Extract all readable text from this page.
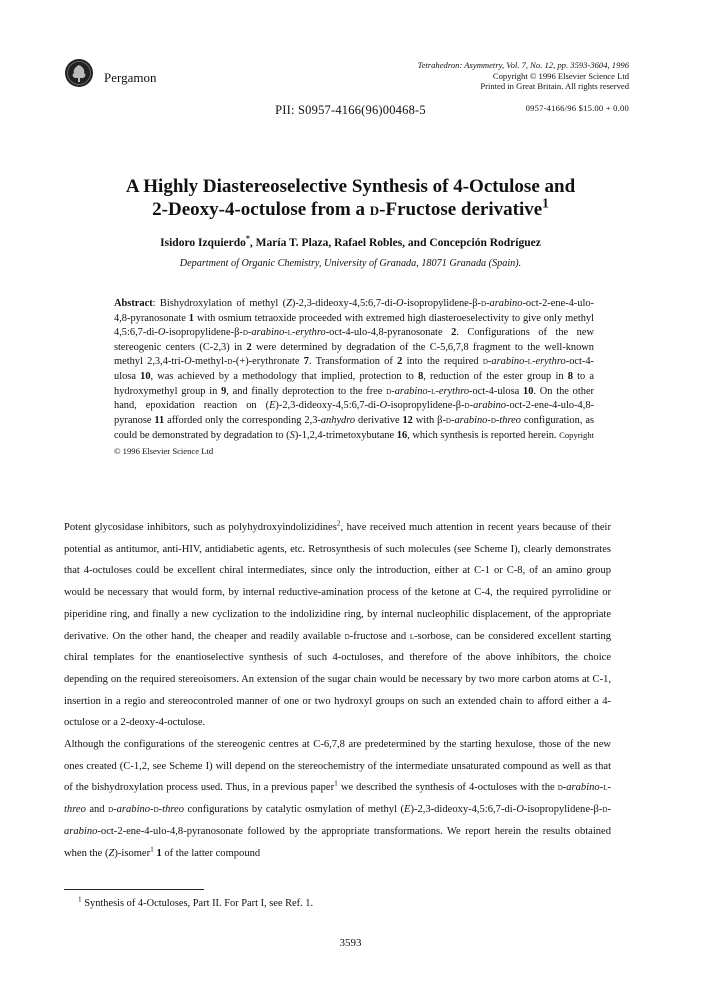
Pergamon
Tetrahedron: Asymmetry, Vol. 7, No. 12, pp. 3593-3604, 1996
Copyright © 1996 Elsevier Science Ltd
Printed in Great Britain. All rights reserved
PII: S0957-4166(96)00468-5	0957-4166/96 $15.00 + 0.00
A Highly Diastereoselective Synthesis of 4-Octulose and
2-Deoxy-4-octulose from a d-Fructose derivative$^1$
Isidoro Izquierdo*, María T. Plaza, Rafael Robles, and Concepción Rodríguez
Department of Organic Chemistry, University of Granada, 18071 Granada (Spain).
Abstract: Bishydroxylation of methyl (Z)-2,3-dideoxy-4,5:6,7-di-O-isopropylidene-β-d-arabino-oct-2-ene-4-ulo-4,8-pyranosonate 1 with osmium tetraoxide proceeded with extremed high diasteroeselectivity to give only methyl 4,5:6,7-di-O-isopropylidene-β-d-arabino-l-erythro-oct-4-ulo-4,8-pyranosonate 2. Configurations of the new stereogenic centers (C-2,3) in 2 were determined by degradation of the C-5,6,7,8 fragment to the well-known methyl 2,3,4-tri-O-methyl-d-(+)-erythronate 7. Transformation of 2 into the required d-arabino-l-erythro-oct-4-ulosa 10, was achieved by a methodology that implied, protection to 8, reduction of the ester group in 8 to a hydroxymethyl group in 9, and finally deprotection to the free d-arabino-l-erythro-oct-4-ulosa 10. On the other hand, epoxidation reaction on (E)-2,3-dideoxy-4,5:6,7-di-O-isopropylidene-β-d-arabino-oct-2-ene-4-ulo-4,8-pyranose 11 afforded only the corresponding 2,3-anhydro derivative 12 with β-d-arabino-d-threo configuration, as could be demonstrated by degradation to (S)-1,2,4-trimetoxybutane 16, which synthesis is reported herein. Copyright © 1996 Elsevier Science Ltd

Potent glycosidase inhibitors, such as polyhydroxyindolizidines$^2$, have received much attention in recent years because of their potential as antitumor, anti-HIV, antidiabetic agents, etc. Retrosynthesis of such molecules (see Scheme I), clearly demonstrates that 4-octuloses could be excellent chiral intermediates, since only the introduction, either at C-1 or C-8, of an amino group would be necessary that would form, by internal reductive-amination process of the ketone at C-4, the required pyrrolidine or piperidine ring, and finally a new cyclization to the indolizidine ring, by internal nucleophilic displacement, of the appropriate derivative. On the other hand, the cheaper and readily available d-fructose and l-sorbose, can be considered excellent starting chiral templates for the enantioselective synthesis of such 4-octuloses, and therefore of the above inhibitors, the choice depending on the required stereoisomers. An extension of the sugar chain would be necessary by two more carbon atoms at C-1, insertion in a regio and stereocontroled manner of one or two hydroxyl groups on such an extended chain to afford either a 4-octulose or a 2-deoxy-4-octulose.

Although the configurations of the stereogenic centres at C-6,7,8 are predetermined by the starting hexulose, those of the new ones created (C-1,2, see Scheme I) will depend on the stereochemistry of the intermediate unsaturated compound as well as that of the bishydroxylation process used. Thus, in a previous paper$^1$ we described the synthesis of 4-octuloses with the d-arabino-l-threo and d-arabino-d-threo configurations by catalytic osmylation of methyl (E)-2,3-dideoxy-4,5:6,7-di-O-isopropylidene-β-d-arabino-oct-2-ene-4-ulo-4,8-pyranosonate followed by the appropriate transformations. We report herein the results obtained when the (Z)-isomer$^1$ 1 of the latter compound

$^1$ Synthesis of 4-Octuloses, Part II. For Part I, see Ref. 1.
3593
